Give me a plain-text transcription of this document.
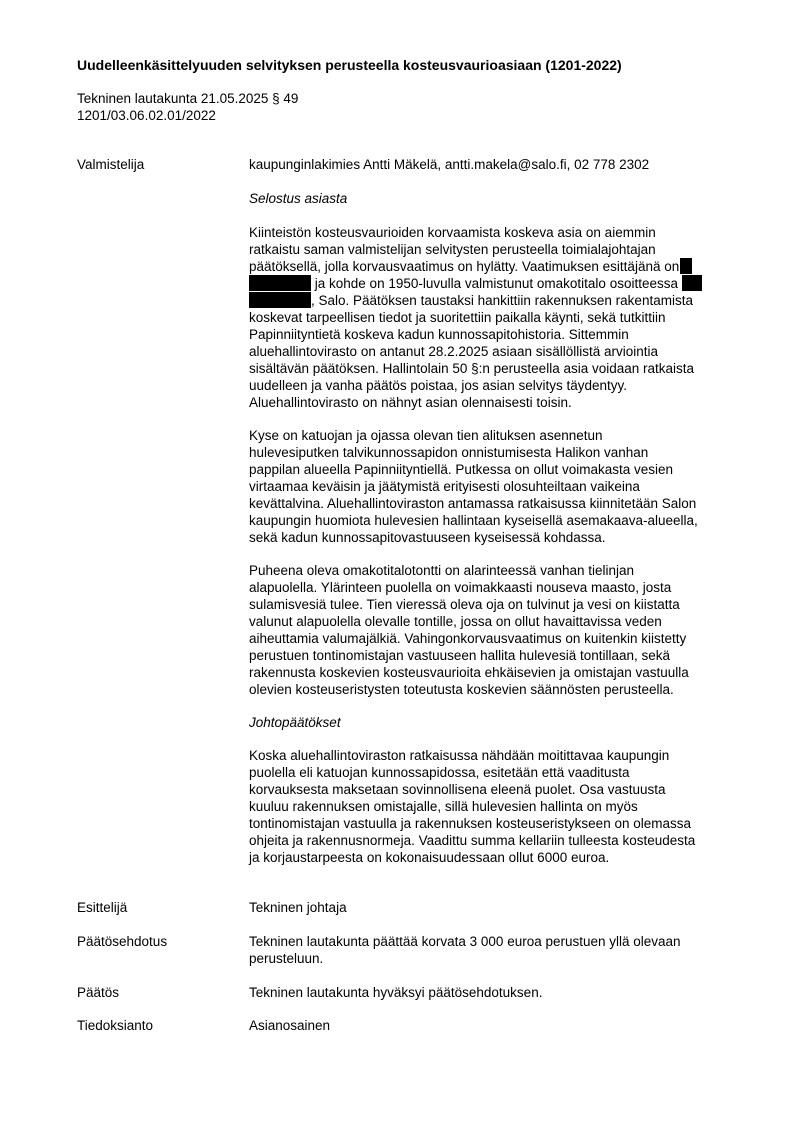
Uudelleenkäsittelyuuden selvityksen perusteella kosteusvaurioasiaan (1201-2022)
Tekninen lautakunta 21.05.2025 § 49
1201/03.06.02.01/2022
Valmistelija	kaupunginlakimies Antti Mäkelä, antti.makela@salo.fi, 02 778 2302
Selostus asiasta
Kiinteistön kosteusvaurioiden korvaamista koskeva asia on aiemmin
ratkaistu saman valmistelijan selvitysten perusteella toimialajohtajan
päätöksellä, jolla korvausvaatimus on hylätty. Vaatimuksen esittäjänä on
ja kohde on 1950-luvulla valmistunut omakotitalo osoitteessa
, Salo. Päätöksen taustaksi hankittiin rakennuksen rakentamista
koskevat tarpeellisen tiedot ja suoritettiin paikalla käynti, sekä tutkittiin
Papinniityntietä koskeva kadun kunnossapitohistoria. Sittemmin
aluehallintovirasto on antanut 28.2.2025 asiaan sisällöllistä arviointia
sisältävän päätöksen. Hallintolain 50 §:n perusteella asia voidaan ratkaista
uudelleen ja vanha päätös poistaa, jos asian selvitys täydentyy.
Aluehallintovirasto on nähnyt asian olennaisesti toisin.
Kyse on katuojan ja ojassa olevan tien alituksen asennetun
hulevesiputken talvikunnossapidon onnistumisesta Halikon vanhan
pappilan alueella Papinniityntiellä. Putkessa on ollut voimakasta vesien
virtaamaa keväisin ja jäätymistä erityisesti olosuhteiltaan vaikeina
kevättalvina. Aluehallintoviraston antamassa ratkaisussa kiinnitetään Salon
kaupungin huomiota hulevesien hallintaan kyseisellä asemakaava-alueella,
sekä kadun kunnossapitovastuuseen kyseisessä kohdassa.
Puheena oleva omakotitalotontti on alarinteessä vanhan tielinjan
alapuolella. Ylärinteen puolella on voimakkaasti nouseva maasto, josta
sulamisvesiä tulee. Tien vieressä oleva oja on tulvinut ja vesi on kiistatta
valunut alapuolella olevalle tontille, jossa on ollut havaittavissa veden
aiheuttamia valumajälkiä. Vahingonkorvausvaatimus on kuitenkin kiistetty
perustuen tontinomistajan vastuuseen hallita hulevesiä tontillaan, sekä
rakennusta koskevien kosteusvaurioita ehkäisevien ja omistajan vastuulla
olevien kosteuseristysten toteutusta koskevien säännösten perusteella.
Johtopäätökset
Koska aluehallintoviraston ratkaisussa nähdään moitittavaa kaupungin
puolella eli katuojan kunnossapidossa, esitetään että vaaditusta
korvauksesta maksetaan sovinnollisena eleenä puolet. Osa vastuusta
kuuluu rakennuksen omistajalle, sillä hulevesien hallinta on myös
tontinomistajan vastuulla ja rakennuksen kosteuseristykseen on olemassa
ohjeita ja rakennusnormeja. Vaadittu summa kellariin tulleesta kosteudesta
ja korjaustarpeesta on kokonaisuudessaan ollut 6000 euroa.
Esittelijä	Tekninen johtaja
Päätösehdotus	Tekninen lautakunta päättää korvata 3 000 euroa perustuen yllä olevaan
perusteluun.
Päätös	Tekninen lautakunta hyväksyi päätösehdotuksen.
Tiedoksianto	Asianosainen
